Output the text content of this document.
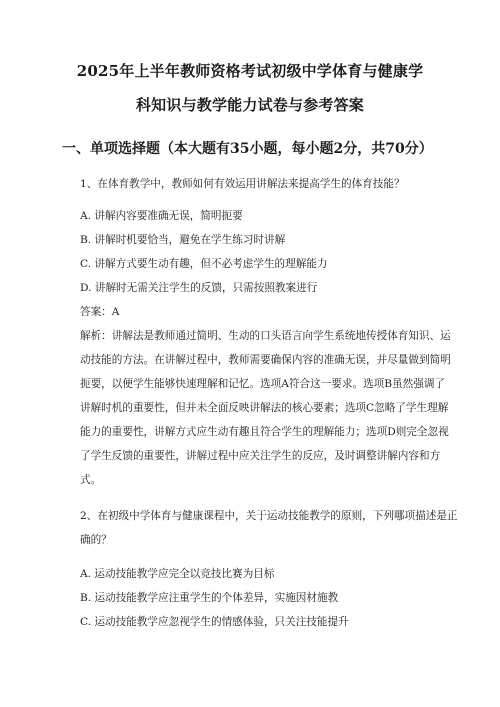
2025年上半年教师资格考试初级中学体育与健康学
科知识与教学能力试卷与参考答案
一、单项选择题（本大题有35小题，每小题2分，共70分）
1、在体育教学中，教师如何有效运用讲解法来提高学生的体育技能？
A. 讲解内容要准确无误，简明扼要
B. 讲解时机要恰当，避免在学生练习时讲解
C. 讲解方式要生动有趣，但不必考虑学生的理解能力
D. 讲解时无需关注学生的反馈，只需按照教案进行
答案：A
解析：讲解法是教师通过简明、生动的口头语言向学生系统地传授体育知识、运
动技能的方法。在讲解过程中，教师需要确保内容的准确无误，并尽量做到简明
扼要，以便学生能够快速理解和记忆。选项A符合这一要求。选项B虽然强调了
讲解时机的重要性，但并未全面反映讲解法的核心要素；选项C忽略了学生理解
能力的重要性，讲解方式应生动有趣且符合学生的理解能力；选项D则完全忽视
了学生反馈的重要性，讲解过程中应关注学生的反应，及时调整讲解内容和方
式。
2、在初级中学体育与健康课程中，关于运动技能教学的原则，下列哪项描述是正
确的？
A. 运动技能教学应完全以竞技比赛为目标
B. 运动技能教学应注重学生的个体差异，实施因材施教
C. 运动技能教学应忽视学生的情感体验，只关注技能提升
